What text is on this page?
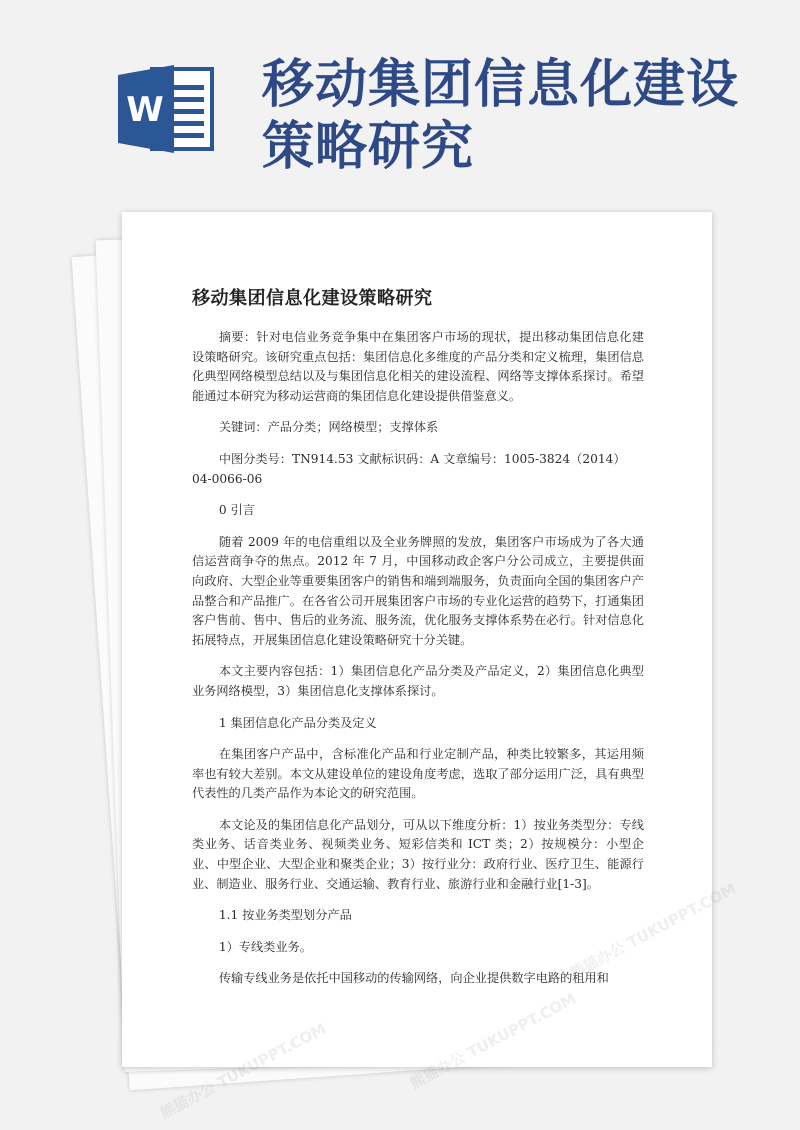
W 移动集团信息化建设策略研究
移动集团信息化建设策略研究

摘要：针对电信业务竞争集中在集团客户市场的现状，提出移动集团信息化建设策略研究。该研究重点包括：集团信息化多维度的产品分类和定义梳理，集团信息化典型网络模型总结以及与集团信息化相关的建设流程、网络等支撑体系探讨。希望能通过本研究为移动运营商的集团信息化建设提供借鉴意义。

关键词：产品分类；网络模型；支撑体系

中图分类号：TN914.53 文献标识码：A 文章编号：1005-3824（2014）04-0066-06

0 引言

随着 2009 年的电信重组以及全业务牌照的发放，集团客户市场成为了各大通信运营商争夺的焦点。2012 年 7 月，中国移动政企客户分公司成立，主要提供面向政府、大型企业等重要集团客户的销售和端到端服务，负责面向全国的集团客户产品整合和产品推广。在各省公司开展集团客户市场的专业化运营的趋势下，打通集团客户售前、售中、售后的业务流、服务流，优化服务支撑体系势在必行。针对信息化拓展特点，开展集团信息化建设策略研究十分关键。

本文主要内容包括：1）集团信息化产品分类及产品定义，2）集团信息化典型业务网络模型，3）集团信息化支撑体系探讨。

1 集团信息化产品分类及定义

在集团客户产品中，含标准化产品和行业定制产品，种类比较繁多，其运用频率也有较大差别。本文从建设单位的建设角度考虑，选取了部分运用广泛，具有典型代表性的几类产品作为本论文的研究范围。

本文论及的集团信息化产品划分，可从以下维度分析：1）按业务类型分：专线类业务、话音类业务、视频类业务、短彩信类和 ICT 类；2）按规模分：小型企业、中型企业、大型企业和聚类企业；3）按行业分：政府行业、医疗卫生、能源行业、制造业、服务行业、交通运输、教育行业、旅游行业和金融行业[1-3]。

1.1 按业务类型划分产品

1）专线类业务。

传输专线业务是依托中国移动的传输网络，向企业提供数字电路的租用和
